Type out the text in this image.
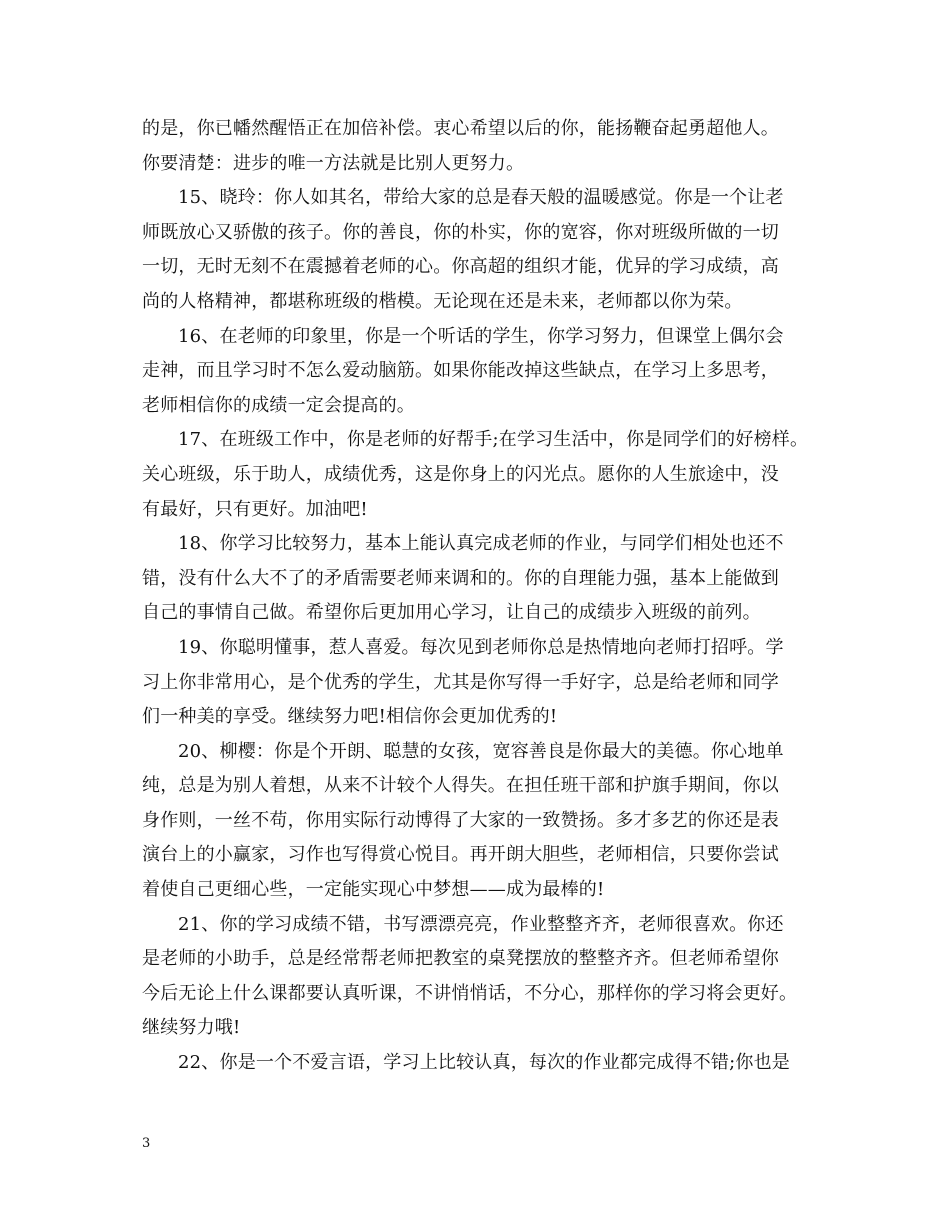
的是，你已幡然醒悟正在加倍补偿。衷心希望以后的你，能扬鞭奋起勇超他人。
你要清楚：进步的唯一方法就是比别人更努力。
15、晓玲：你人如其名，带给大家的总是春天般的温暖感觉。你是一个让老
师既放心又骄傲的孩子。你的善良，你的朴实，你的宽容，你对班级所做的一切
一切，无时无刻不在震撼着老师的心。你高超的组织才能，优异的学习成绩，高
尚的人格精神，都堪称班级的楷模。无论现在还是未来，老师都以你为荣。
16、在老师的印象里，你是一个听话的学生，你学习努力，但课堂上偶尔会
走神，而且学习时不怎么爱动脑筋。如果你能改掉这些缺点，在学习上多思考，
老师相信你的成绩一定会提高的。
17、在班级工作中，你是老师的好帮手;在学习生活中，你是同学们的好榜样。
关心班级，乐于助人，成绩优秀，这是你身上的闪光点。愿你的人生旅途中，没
有最好，只有更好。加油吧!
18、你学习比较努力，基本上能认真完成老师的作业，与同学们相处也还不
错，没有什么大不了的矛盾需要老师来调和的。你的自理能力强，基本上能做到
自己的事情自己做。希望你后更加用心学习，让自己的成绩步入班级的前列。
19、你聪明懂事，惹人喜爱。每次见到老师你总是热情地向老师打招呼。学
习上你非常用心，是个优秀的学生，尤其是你写得一手好字，总是给老师和同学
们一种美的享受。继续努力吧!相信你会更加优秀的!
20、柳樱：你是个开朗、聪慧的女孩，宽容善良是你最大的美德。你心地单
纯，总是为别人着想，从来不计较个人得失。在担任班干部和护旗手期间，你以
身作则，一丝不苟，你用实际行动博得了大家的一致赞扬。多才多艺的你还是表
演台上的小赢家，习作也写得赏心悦目。再开朗大胆些，老师相信，只要你尝试
着使自己更细心些，一定能实现心中梦想——成为最棒的!
21、你的学习成绩不错，书写漂漂亮亮，作业整整齐齐，老师很喜欢。你还
是老师的小助手，总是经常帮老师把教室的桌凳摆放的整整齐齐。但老师希望你
今后无论上什么课都要认真听课，不讲悄悄话，不分心，那样你的学习将会更好。
继续努力哦!
22、你是一个不爱言语，学习上比较认真，每次的作业都完成得不错;你也是
3
